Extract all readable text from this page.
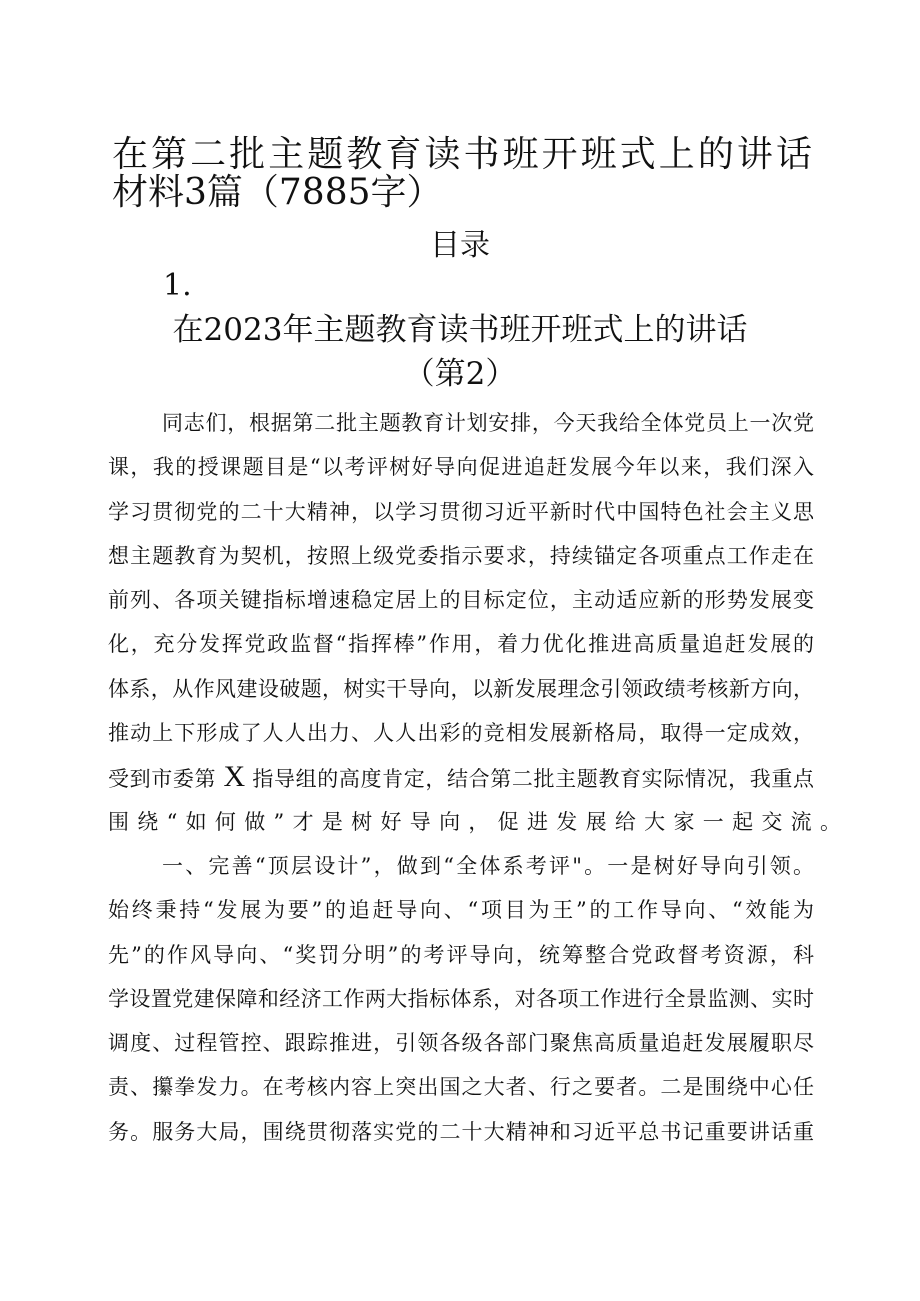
在第二批主题教育读书班开班式上的讲话
材料3篇（7885字）
目录
1.
在2023年主题教育读书班开班式上的讲话
（第2）
同志们，根据第二批主题教育计划安排，今天我给全体党员上一次党
课，我的授课题目是“以考评树好导向促进追赶发展今年以来，我们深入
学习贯彻党的二十大精神，以学习贯彻习近平新时代中国特色社会主义思
想主题教育为契机，按照上级党委指示要求，持续锚定各项重点工作走在
前列、各项关键指标增速稳定居上的目标定位，主动适应新的形势发展变
化，充分发挥党政监督“指挥棒”作用，着力优化推进高质量追赶发展的
体系，从作风建设破题，树实干导向，以新发展理念引领政绩考核新方向，
推动上下形成了人人出力、人人出彩的竞相发展新格局，取得一定成效，
受到市委第 X 指导组的高度肯定，结合第二批主题教育实际情况，我重点
围绕“如何做”才是树好导向，促进发展给大家一起交流。
一、完善“顶层设计”，做到“全体系考评"。一是树好导向引领。
始终秉持“发展为要”的追赶导向、“项目为王”的工作导向、“效能为
先”的作风导向、“奖罚分明”的考评导向，统筹整合党政督考资源，科
学设置党建保障和经济工作两大指标体系，对各项工作进行全景监测、实时
调度、过程管控、跟踪推进，引领各级各部门聚焦高质量追赶发展履职尽
责、攥拳发力。在考核内容上突出国之大者、行之要者。二是围绕中心任
务。服务大局，围绕贯彻落实党的二十大精神和习近平总书记重要讲话重
